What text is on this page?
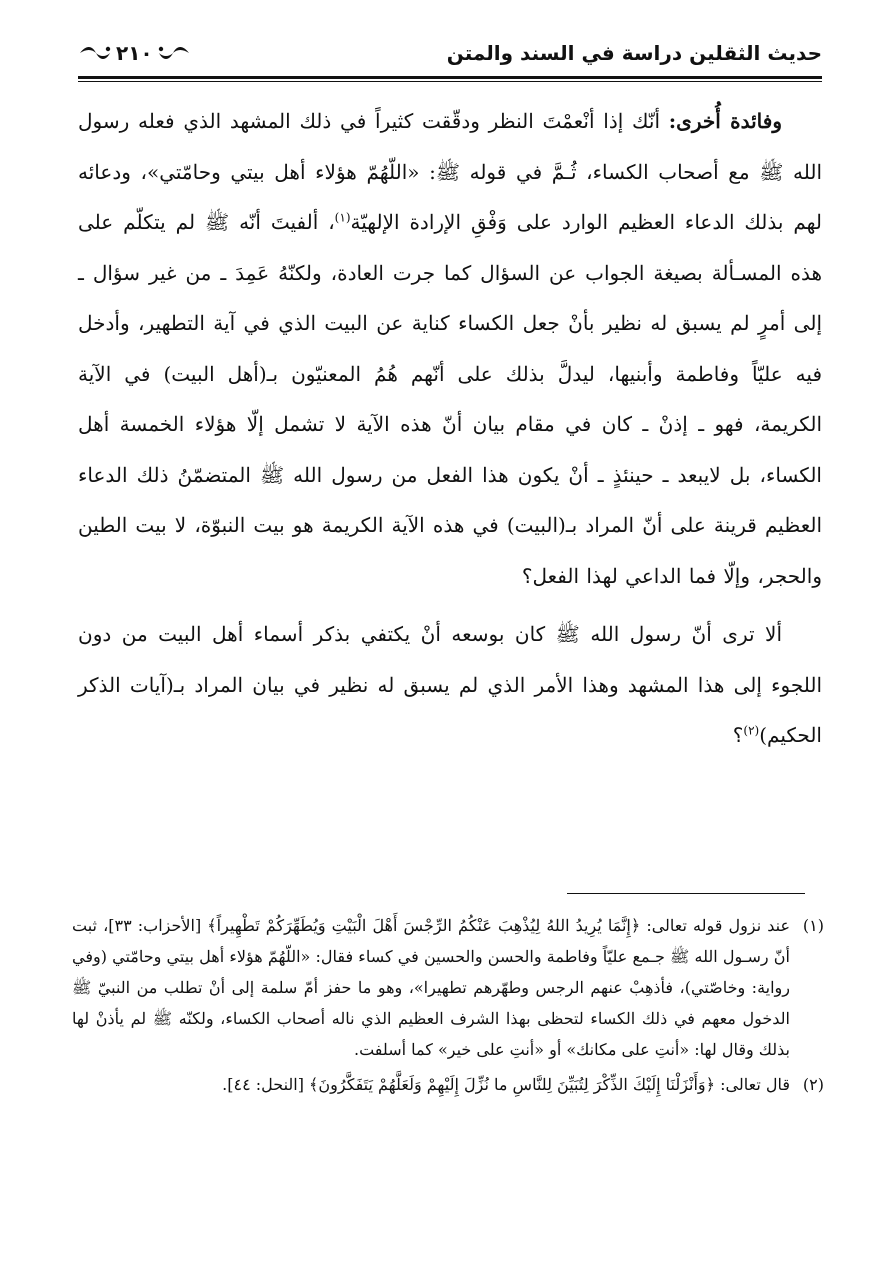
حديث الثقلين دراسة في السند والمتن
٢١٠

وفائدة أُخرى: أنّك إذا أنْعمْتَ النظر ودقّقت كثيراً في ذلك المشهد الذي فعله رسول الله ﷺ مع أصحاب الكساء، ثُـمَّ في قوله ﷺ: «اللّهُمّ هؤلاء أهل بيتي وحامّتي»، ودعائه لهم بذلك الدعاء العظيم الوارد على وَفْقِ الإرادة الإلهيّة$^{(١)}$، ألفيتَ أنّه ﷺ لم يتكلّم على هذه المسـألة بصيغة الجواب عن السؤال كما جرت العادة، ولكنّهُ عَمِدَ ـ من غير سؤال ـ إلى أمرٍ لم يسبق له نظير بأنْ جعل الكساء كناية عن البيت الذي في آية التطهير، وأدخل فيه عليّاً وفاطمة وأبنيها، ليدلَّ بذلك على أنّهم هُمُ المعنيّون بـ(أهل البيت) في الآية الكريمة، فهو ـ إذنْ ـ كان في مقام بيان أنّ هذه الآية لا تشمل إلّا هؤلاء الخمسة أهل الكساء، بل لايبعد ـ حينئذٍ ـ أنْ يكون هذا الفعل من رسول الله ﷺ المتضمّنُ ذلك الدعاء العظيم قرينة على أنّ المراد بـ(البيت) في هذه الآية الكريمة هو بيت النبوّة، لا بيت الطين والحجر، وإلّا فما الداعي لهذا الفعل؟

ألا ترى أنّ رسول الله ﷺ كان بوسعه أنْ يكتفي بذكر أسماء أهل البيت من دون اللجوء إلى هذا المشهد وهذا الأمر الذي لم يسبق له نظير في بيان المراد بـ(آيات الذكر الحكيم)$^{(٢)}$؟

(١)
عند نزول قوله تعالى: ﴿إِنَّمَا يُرِيدُ اللهُ لِيُذْهِبَ عَنْكُمُ الرِّجْسَ أَهْلَ الْبَيْتِ وَيُطَهِّرَكُمْ تَطْهِيراً﴾ [الأحزاب: ٣٣]، ثبت أنّ رسـول الله ﷺ جـمع عليّاً وفاطمة والحسن والحسين في كساء فقال: «اللّهُمّ هؤلاء أهل بيتي وحامّتي (وفي رواية: وخاصّتي)، فأذهِبْ عنهم الرجس وطهّرهم تطهيرا»، وهو ما حفز أمّ سلمة إلى أنْ تطلب من النبيّ ﷺ الدخول معهم في ذلك الكساء لتحظى بهذا الشرف العظيم الذي ناله أصحاب الكساء، ولكنّه ﷺ لم يأذنْ لها بذلك وقال لها: «أنتِ على مكانك» أو «أنتِ على خير» كما أسلفت.

(٢)
قال تعالى: ﴿وَأَنْزَلْنَا إِلَيْكَ الذِّكْرَ لِتُبَيِّنَ لِلنَّاسِ ما نُزِّلَ إِلَيْهِمْ وَلَعَلَّهُمْ يَتَفَكَّرُونَ﴾ [النحل: ٤٤].
